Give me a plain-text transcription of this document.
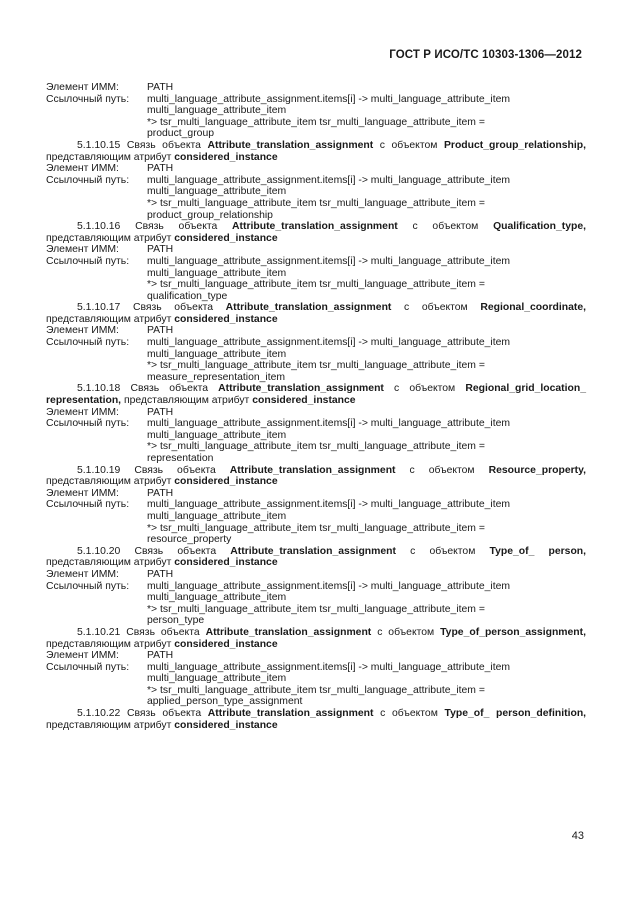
ГОСТ Р ИСО/ТС 10303-1306—2012
Элемент ИММ:	PATH
Ссылочный путь:	multi_language_attribute_assignment.items[i] -> multi_language_attribute_item
multi_language_attribute_item
*> tsr_multi_language_attribute_item tsr_multi_language_attribute_item =
product_group
5.1.10.15 Связь объекта Attribute_translation_assignment с объектом Product_group_relationship, представляющим атрибут considered_instance
Элемент ИММ:	PATH
Сcылочный путь:	multi_language_attribute_assignment.items[i] -> multi_language_attribute_item
multi_language_attribute_item
*> tsr_multi_language_attribute_item tsr_multi_language_attribute_item =
product_group_relationship
5.1.10.16 Связь объекта Attribute_translation_assignment с объектом Qualification_type, представляющим атрибут considered_instance
Элемент ИММ:	PATH
Сcылочный путь:	multi_language_attribute_assignment.items[i] -> multi_language_attribute_item
multi_language_attribute_item
*> tsr_multi_language_attribute_item tsr_multi_language_attribute_item =
qualification_type
5.1.10.17 Связь объекта Attribute_translation_assignment с объектом Regional_coordinate, представляющим атрибут considered_instance
Элемент ИММ:	PATH
Сcылочный путь:	multi_language_attribute_assignment.items[i] -> multi_language_attribute_item
multi_language_attribute_item
*> tsr_multi_language_attribute_item tsr_multi_language_attribute_item =
measure_representation_item
5.1.10.18 Связь объекта Attribute_translation_assignment с объектом Regional_grid_location_ representation, представляющим атрибут considered_instance
Элемент ИММ:	PATH
Сcылочный путь:	multi_language_attribute_assignment.items[i] -> multi_language_attribute_item
multi_language_attribute_item
*> tsr_multi_language_attribute_item tsr_multi_language_attribute_item =
representation
5.1.10.19 Связь объекта Attribute_translation_assignment с объектом Resource_property, представляющим атрибут considered_instance
Элемент ИММ:	PATH
Сcылочный путь:	multi_language_attribute_assignment.items[i] -> multi_language_attribute_item
multi_language_attribute_item
*> tsr_multi_language_attribute_item tsr_multi_language_attribute_item =
resource_property
5.1.10.20 Связь объекта Attribute_translation_assignment с объектом Type_of_ person, представляющим атрибут considered_instance
Элемент ИММ:	PATH
Сcылочный путь:	multi_language_attribute_assignment.items[i] -> multi_language_attribute_item
multi_language_attribute_item
*> tsr_multi_language_attribute_item tsr_multi_language_attribute_item =
person_type
5.1.10.21 Связь объекта Attribute_translation_assignment с объектом Type_of_person_assignment, представляющим атрибут considered_instance
Элемент ИММ:	PATH
Сcылочный путь:	multi_language_attribute_assignment.items[i] -> multi_language_attribute_item
multi_language_attribute_item
*> tsr_multi_language_attribute_item tsr_multi_language_attribute_item =
applied_person_type_assignment
5.1.10.22 Связь объекта Attribute_translation_assignment с объектом Type_of_ person_definition, представляющим атрибут considered_instance
43
